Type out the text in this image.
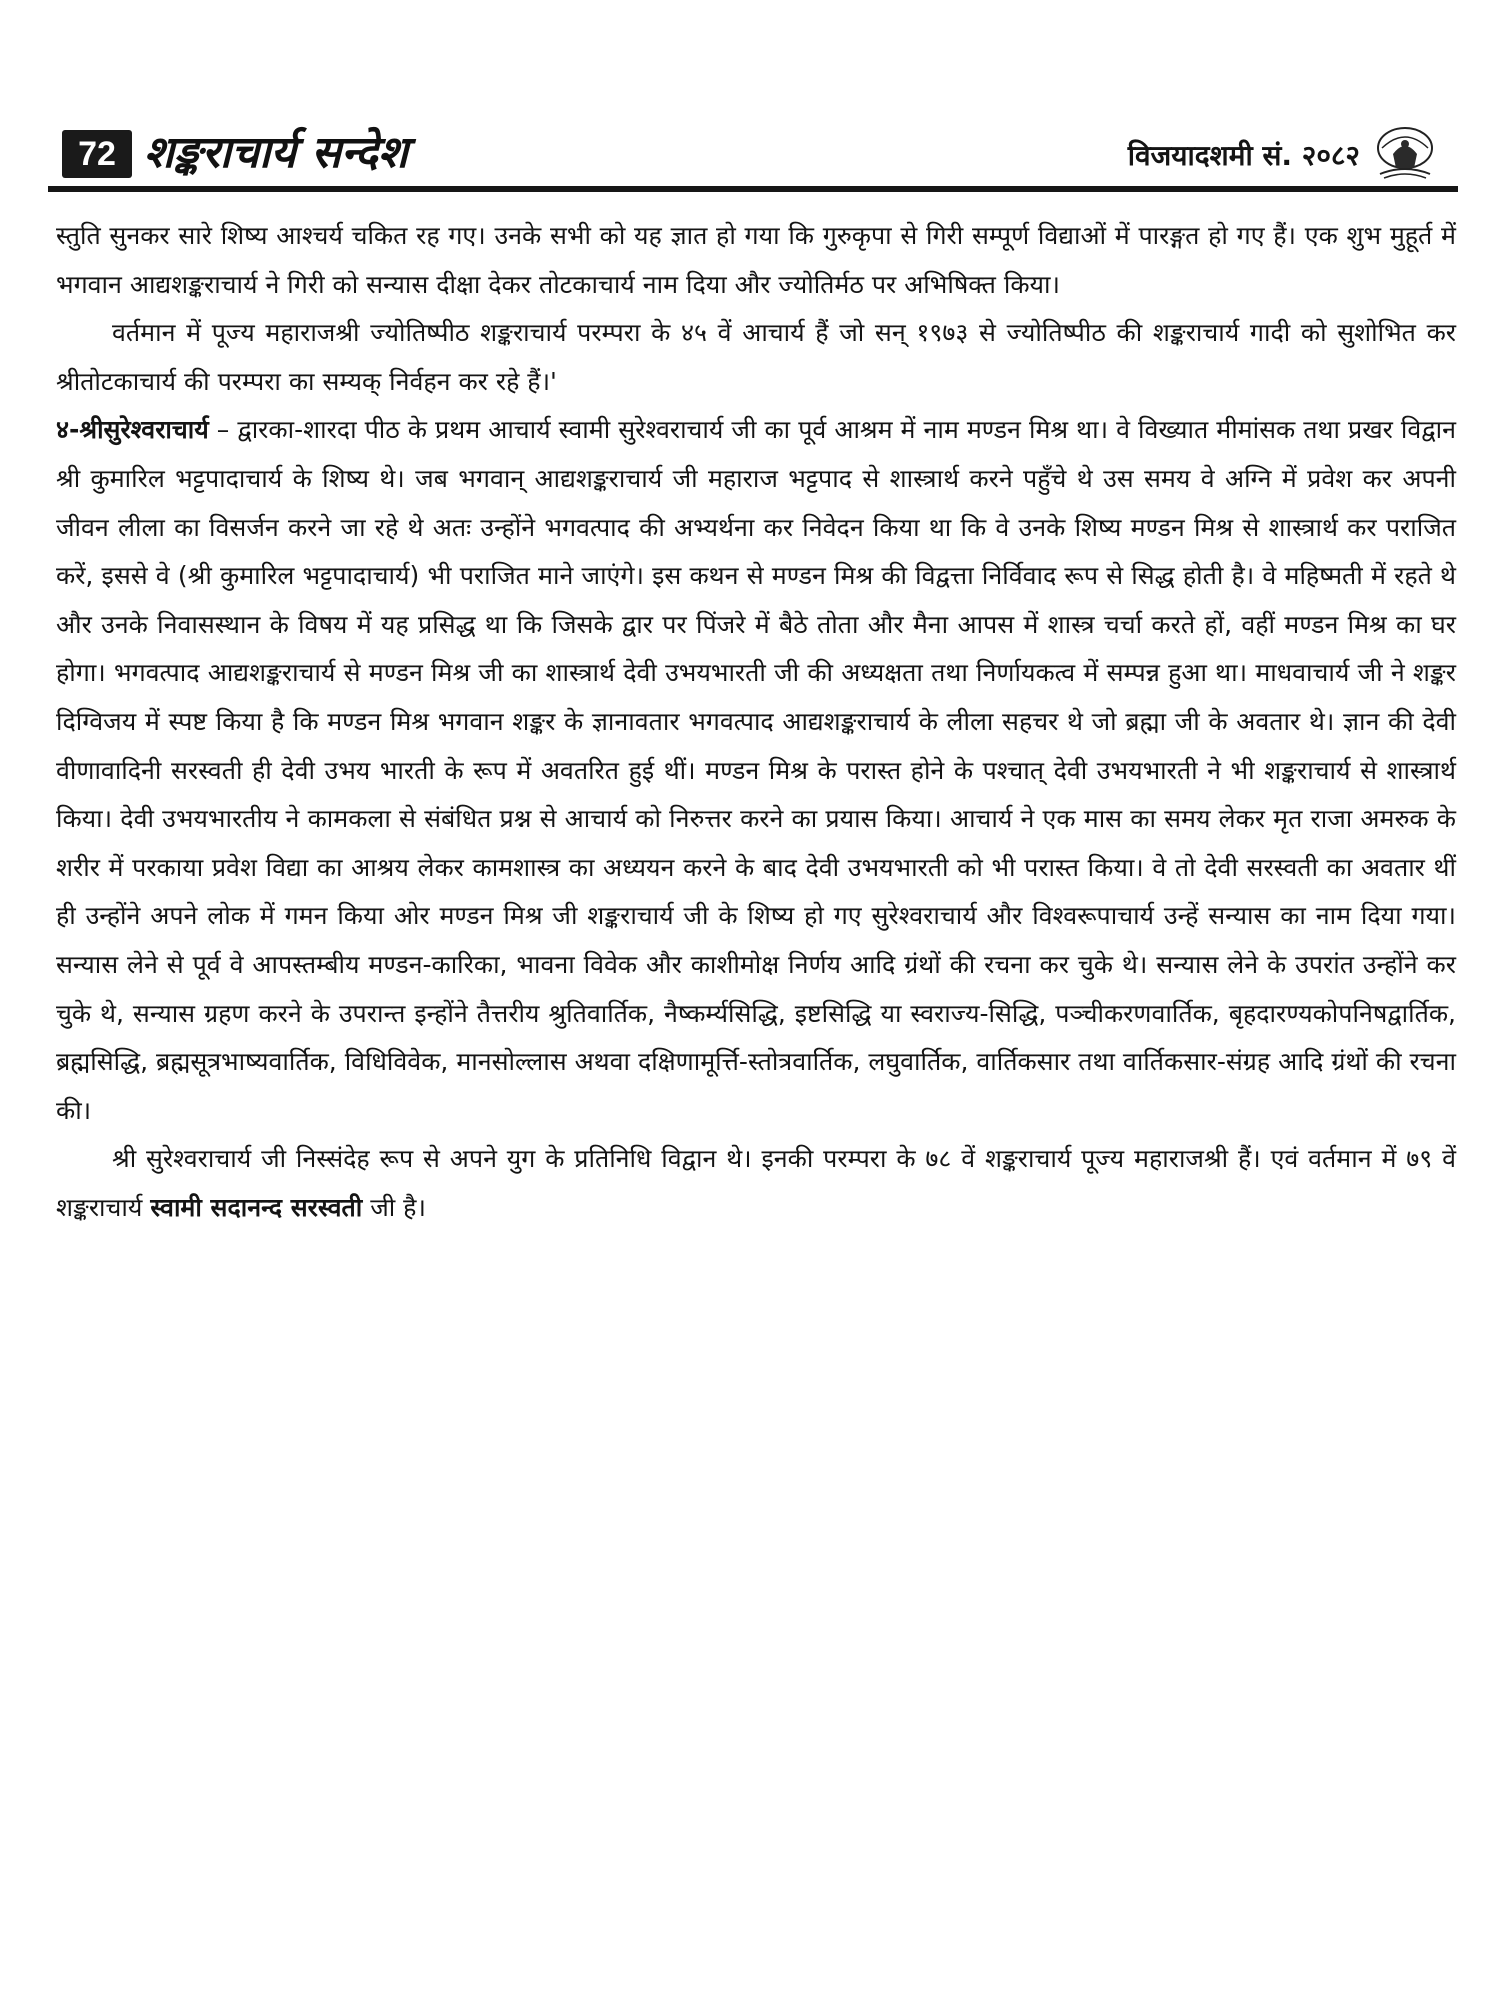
72 शङ्कराचार्य सन्देश	विजयादशमी सं. २०८२

स्तुति सुनकर सारे शिष्य आश्चर्य चकित रह गए। उनके सभी को यह ज्ञात हो गया कि गुरुकृपा से गिरी सम्पूर्ण विद्याओं में पारङ्गत हो गए हैं। एक शुभ मुहूर्त में भगवान आद्यशङ्कराचार्य ने गिरी को सन्यास दीक्षा देकर तोटकाचार्य नाम दिया और ज्योतिर्मठ पर अभिषिक्त किया।

वर्तमान में पूज्य महाराजश्री ज्योतिष्पीठ शङ्कराचार्य परम्परा के ४५ वें आचार्य हैं जो सन् १९७३ से ज्योतिष्पीठ की शङ्कराचार्य गादी को सुशोभित कर श्रीतोटकाचार्य की परम्परा का सम्यक् निर्वहन कर रहे हैं।'

४-श्रीसुरेश्वराचार्य – द्वारका-शारदा पीठ के प्रथम आचार्य स्वामी सुरेश्वराचार्य जी का पूर्व आश्रम में नाम मण्डन मिश्र था। वे विख्यात मीमांसक तथा प्रखर विद्वान श्री कुमारिल भट्टपादाचार्य के शिष्य थे। जब भगवान् आद्यशङ्कराचार्य जी महाराज भट्टपाद से शास्त्रार्थ करने पहुँचे थे उस समय वे अग्नि में प्रवेश कर अपनी जीवन लीला का विसर्जन करने जा रहे थे अतः उन्होंने भगवत्पाद की अभ्यर्थना कर निवेदन किया था कि वे उनके शिष्य मण्डन मिश्र से शास्त्रार्थ कर पराजित करें, इससे वे (श्री कुमारिल भट्टपादाचार्य) भी पराजित माने जाएंगे। इस कथन से मण्डन मिश्र की विद्वत्ता निर्विवाद रूप से सिद्ध होती है। वे महिष्मती में रहते थे और उनके निवासस्थान के विषय में यह प्रसिद्ध था कि जिसके द्वार पर पिंजरे में बैठे तोता और मैना आपस में शास्त्र चर्चा करते हों, वहीं मण्डन मिश्र का घर होगा। भगवत्पाद आद्यशङ्कराचार्य से मण्डन मिश्र जी का शास्त्रार्थ देवी उभयभारती जी की अध्यक्षता तथा निर्णायकत्व में सम्पन्न हुआ था। माधवाचार्य जी ने शङ्कर दिग्विजय में स्पष्ट किया है कि मण्डन मिश्र भगवान शङ्कर के ज्ञानावतार भगवत्पाद आद्यशङ्कराचार्य के लीला सहचर थे जो ब्रह्मा जी के अवतार थे। ज्ञान की देवी वीणावादिनी सरस्वती ही देवी उभय भारती के रूप में अवतरित हुई थीं। मण्डन मिश्र के परास्त होने के पश्चात् देवी उभयभारती ने भी शङ्कराचार्य से शास्त्रार्थ किया। देवी उभयभारतीय ने कामकला से संबंधित प्रश्न से आचार्य को निरुत्तर करने का प्रयास किया। आचार्य ने एक मास का समय लेकर मृत राजा अमरुक के शरीर में परकाया प्रवेश विद्या का आश्रय लेकर कामशास्त्र का अध्ययन करने के बाद देवी उभयभारती को भी परास्त किया। वे तो देवी सरस्वती का अवतार थीं ही उन्होंने अपने लोक में गमन किया ओर मण्डन मिश्र जी शङ्कराचार्य जी के शिष्य हो गए सुरेश्वराचार्य और विश्वरूपाचार्य उन्हें सन्यास का नाम दिया गया। सन्यास लेने से पूर्व वे आपस्तम्बीय मण्डन-कारिका, भावना विवेक और काशीमोक्ष निर्णय आदि ग्रंथों की रचना कर चुके थे। सन्यास लेने के उपरांत उन्होंने कर चुके थे, सन्यास ग्रहण करने के उपरान्त इन्होंने तैत्तरीय श्रुतिवार्तिक, नैष्कर्म्यसिद्धि, इष्टसिद्धि या स्वराज्य-सिद्धि, पञ्चीकरणवार्तिक, बृहदारण्यकोपनिषद्वार्तिक, ब्रह्मसिद्धि, ब्रह्मसूत्रभाष्यवार्तिक, विधिविवेक, मानसोल्लास अथवा दक्षिणामूर्त्ति-स्तोत्रवार्तिक, लघुवार्तिक, वार्तिकसार तथा वार्तिकसार-संग्रह आदि ग्रंथों की रचना की।

श्री सुरेश्वराचार्य जी निस्संदेह रूप से अपने युग के प्रतिनिधि विद्वान थे। इनकी परम्परा के ७८ वें शङ्कराचार्य पूज्य महाराजश्री हैं। एवं वर्तमान में ७९ वें शङ्कराचार्य स्वामी सदानन्द सरस्वती जी है।
